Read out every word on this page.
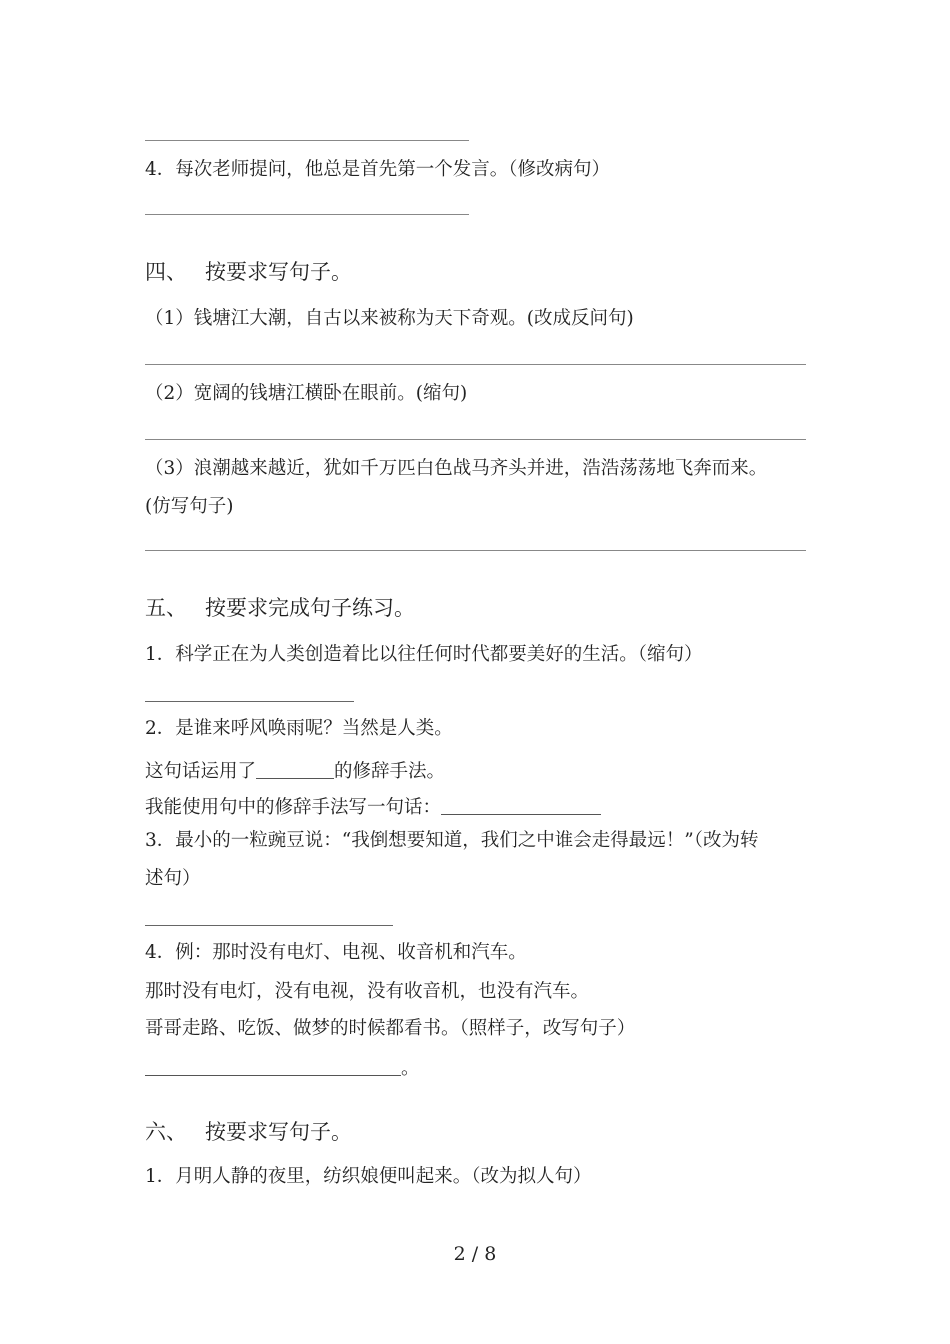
4．每次老师提问，他总是首先第一个发言。（修改病句）
四、 按要求写句子。
（1）钱塘江大潮，自古以来被称为天下奇观。(改成反问句)
（2）宽阔的钱塘江横卧在眼前。(缩句)
（3）浪潮越来越近，犹如千万匹白色战马齐头并进，浩浩荡荡地飞奔而来。
(仿写句子)
五、 按要求完成句子练习。
1．科学正在为人类创造着比以往任何时代都要美好的生活。（缩句）
2．是谁来呼风唤雨呢？当然是人类。
这句话运用了	的修辞手法。
我能使用句中的修辞手法写一句话：
3．最小的一粒豌豆说：“我倒想要知道，我们之中谁会走得最远！”（改为转
述句）
4．例：那时没有电灯、电视、收音机和汽车。
那时没有电灯，没有电视，没有收音机，也没有汽车。
哥哥走路、吃饭、做梦的时候都看书。（照样子，改写句子）
。
六、 按要求写句子。
1．月明人静的夜里，纺织娘便叫起来。（改为拟人句）
2 / 8
